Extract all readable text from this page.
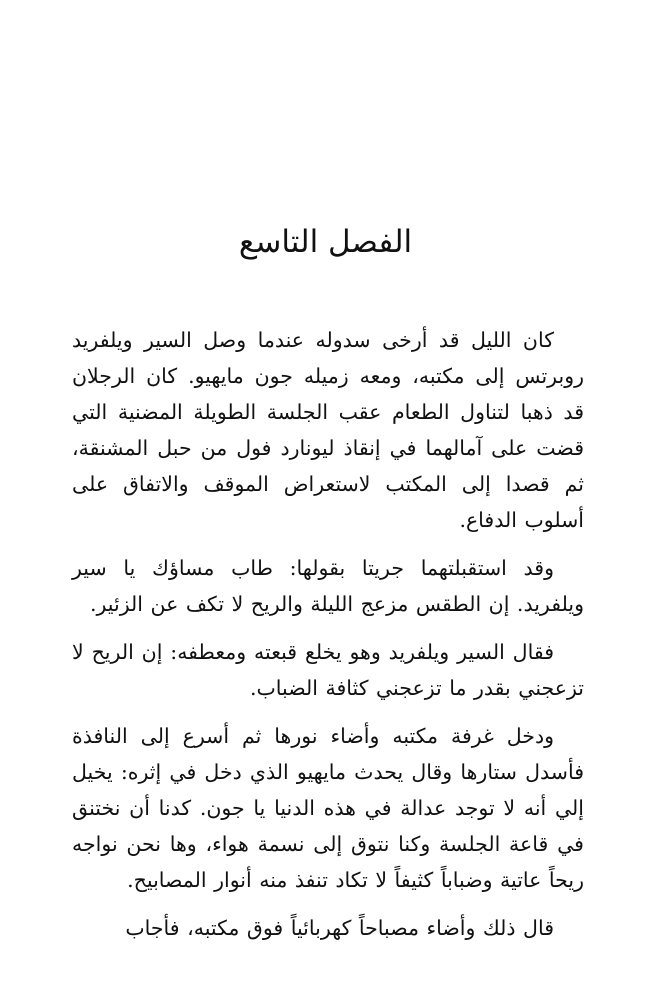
الفصل التاسع

كان الليل قد أرخى سدوله عندما وصل السير ويلفريد روبرتس إلى مكتبه، ومعه زميله جون مايهيو. كان الرجلان قد ذهبا لتناول الطعام عقب الجلسة الطويلة المضنية التي قضت على آمالهما في إنقاذ ليونارد فول من حبل المشنقة، ثم قصدا إلى المكتب لاستعراض الموقف والاتفاق على أسلوب الدفاع.

وقد استقبلتهما جريتا بقولها: طاب مساؤك يا سير ويلفريد. إن الطقس مزعج الليلة والريح لا تكف عن الزئير.

فقال السير ويلفريد وهو يخلع قبعته ومعطفه: إن الريح لا تزعجني بقدر ما تزعجني كثافة الضباب.

ودخل غرفة مكتبه وأضاء نورها ثم أسرع إلى النافذة فأسدل ستارها وقال يحدث مايهيو الذي دخل في إثره: يخيل إلي أنه لا توجد عدالة في هذه الدنيا يا جون. كدنا أن نختنق في قاعة الجلسة وكنا نتوق إلى نسمة هواء، وها نحن نواجه ريحاً عاتية وضباباً كثيفاً لا تكاد تنفذ منه أنوار المصابيح.

قال ذلك وأضاء مصباحاً كهربائياً فوق مكتبه، فأجاب
